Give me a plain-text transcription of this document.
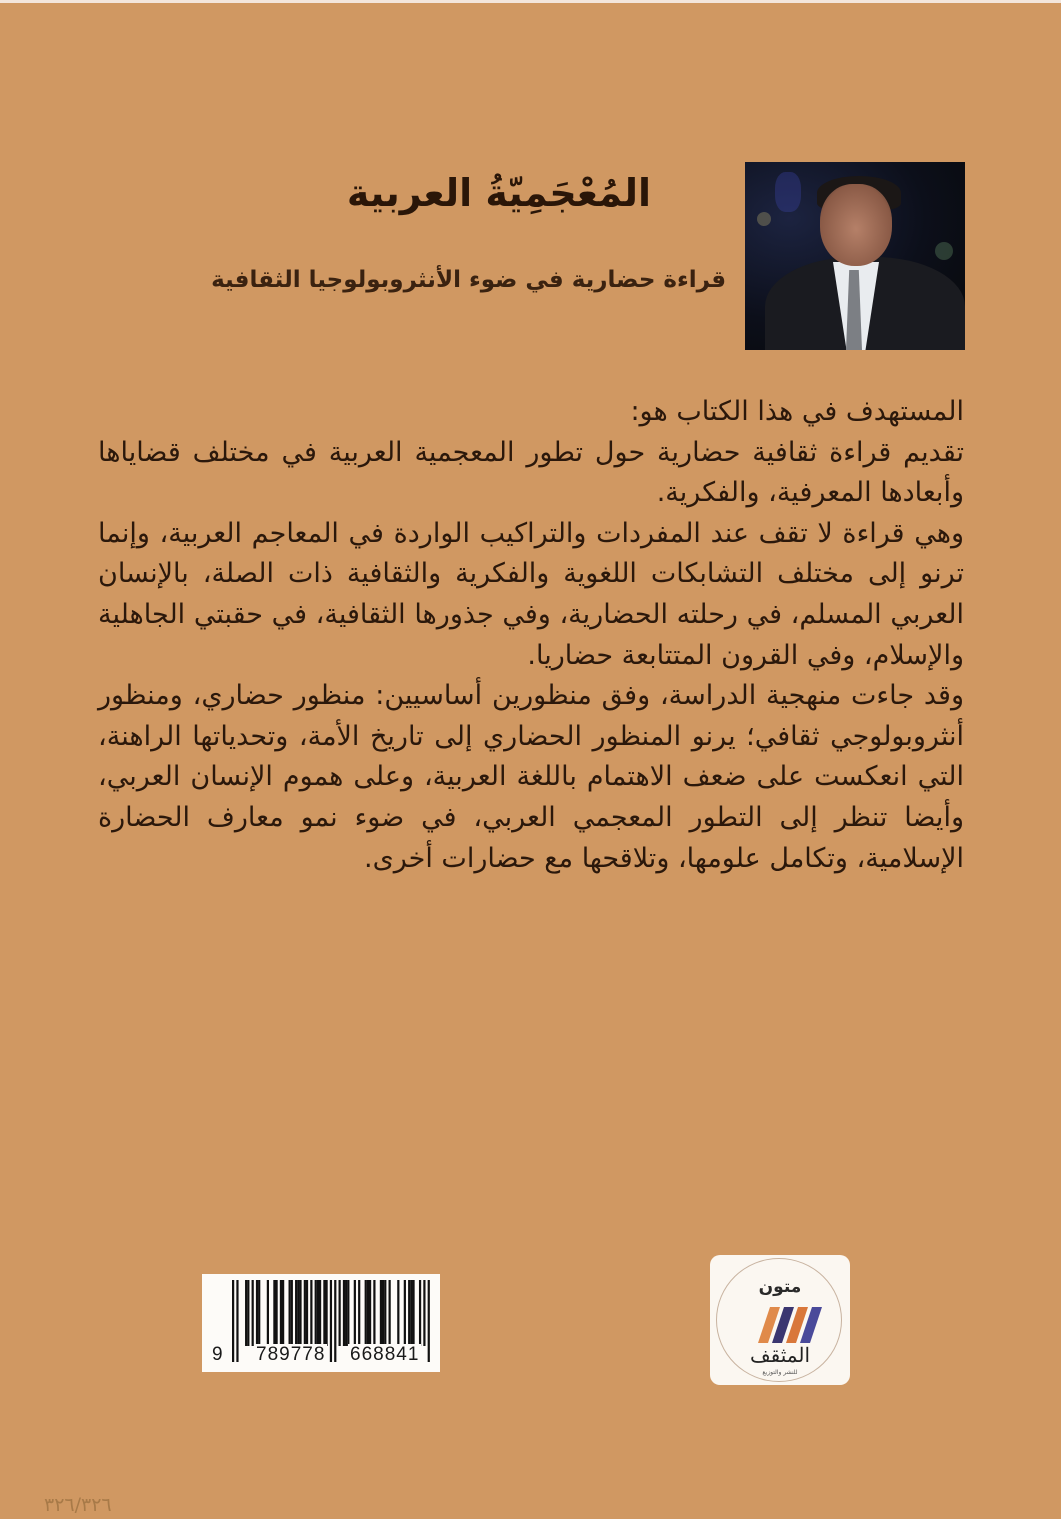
المُعْجَمِيّةُ العربية
قراءة حضارية في ضوء الأنثروبولوجيا الثقافية

المستهدف في هذا الكتاب هو:

تقديم قراءة ثقافية حضارية حول تطور المعجمية العربية في مختلف قضاياها وأبعادها المعرفية، والفكرية.

وهي قراءة لا تقف عند المفردات والتراكيب الواردة في المعاجم العربية، وإنما ترنو إلى مختلف التشابكات اللغوية والفكرية والثقافية ذات الصلة، بالإنسان العربي المسلم، في رحلته الحضارية، وفي جذورها الثقافية، في حقبتي الجاهلية والإسلام، وفي القرون المتتابعة حضاريا.

وقد جاءت منهجية الدراسة، وفق منظورين أساسيين: منظور حضاري، ومنظور أنثروبولوجي ثقافي؛ يرنو المنظور الحضاري إلى تاريخ الأمة، وتحدياتها الراهنة، التي انعكست على ضعف الاهتمام باللغة العربية، وعلى هموم الإنسان العربي، وأيضا تنظر إلى التطور المعجمي العربي، في ضوء نمو معارف الحضارة الإسلامية، وتكامل علومها، وتلاقحها مع حضارات أخرى.

9 789778 668841
متون
المثقف
للنشر والتوزيع
٣٢٦/٣٢٦
